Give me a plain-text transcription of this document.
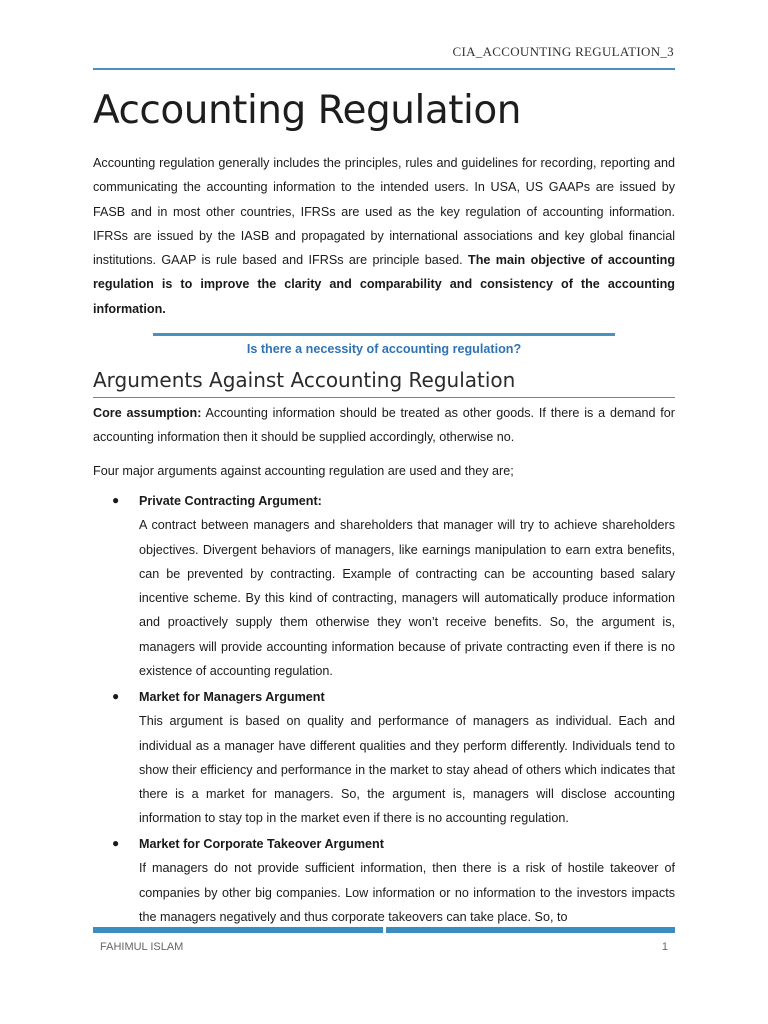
CIA_ACCOUNTING REGULATION_3
Accounting Regulation

Accounting regulation generally includes the principles, rules and guidelines for recording, reporting and communicating the accounting information to the intended users. In USA, US GAAPs are issued by FASB and in most other countries, IFRSs are used as the key regulation of accounting information. IFRSs are issued by the IASB and propagated by international associations and key global financial institutions. GAAP is rule based and IFRSs are principle based. The main objective of accounting regulation is to improve the clarity and comparability and consistency of the accounting information.

Is there a necessity of accounting regulation?
Arguments Against Accounting Regulation

Core assumption: Accounting information should be treated as other goods. If there is a demand for accounting information then it should be supplied accordingly, otherwise no.

Four major arguments against accounting regulation are used and they are;

● Private Contracting Argument:
A contract between managers and shareholders that manager will try to achieve shareholders objectives. Divergent behaviors of managers, like earnings manipulation to earn extra benefits, can be prevented by contracting. Example of contracting can be accounting based salary incentive scheme. By this kind of contracting, managers will automatically produce information and proactively supply them otherwise they won’t receive benefits. So, the argument is, managers will provide accounting information because of private contracting even if there is no existence of accounting regulation.
● Market for Managers Argument
This argument is based on quality and performance of managers as individual. Each and individual as a manager have different qualities and they perform differently. Individuals tend to show their efficiency and performance in the market to stay ahead of others which indicates that there is a market for managers. So, the argument is, managers will disclose accounting information to stay top in the market even if there is no accounting regulation.
● Market for Corporate Takeover Argument
If managers do not provide sufficient information, then there is a risk of hostile takeover of companies by other big companies. Low information or no information to the investors impacts the managers negatively and thus corporate takeovers can take place. So, to
FAHIMUL ISLAM	1
